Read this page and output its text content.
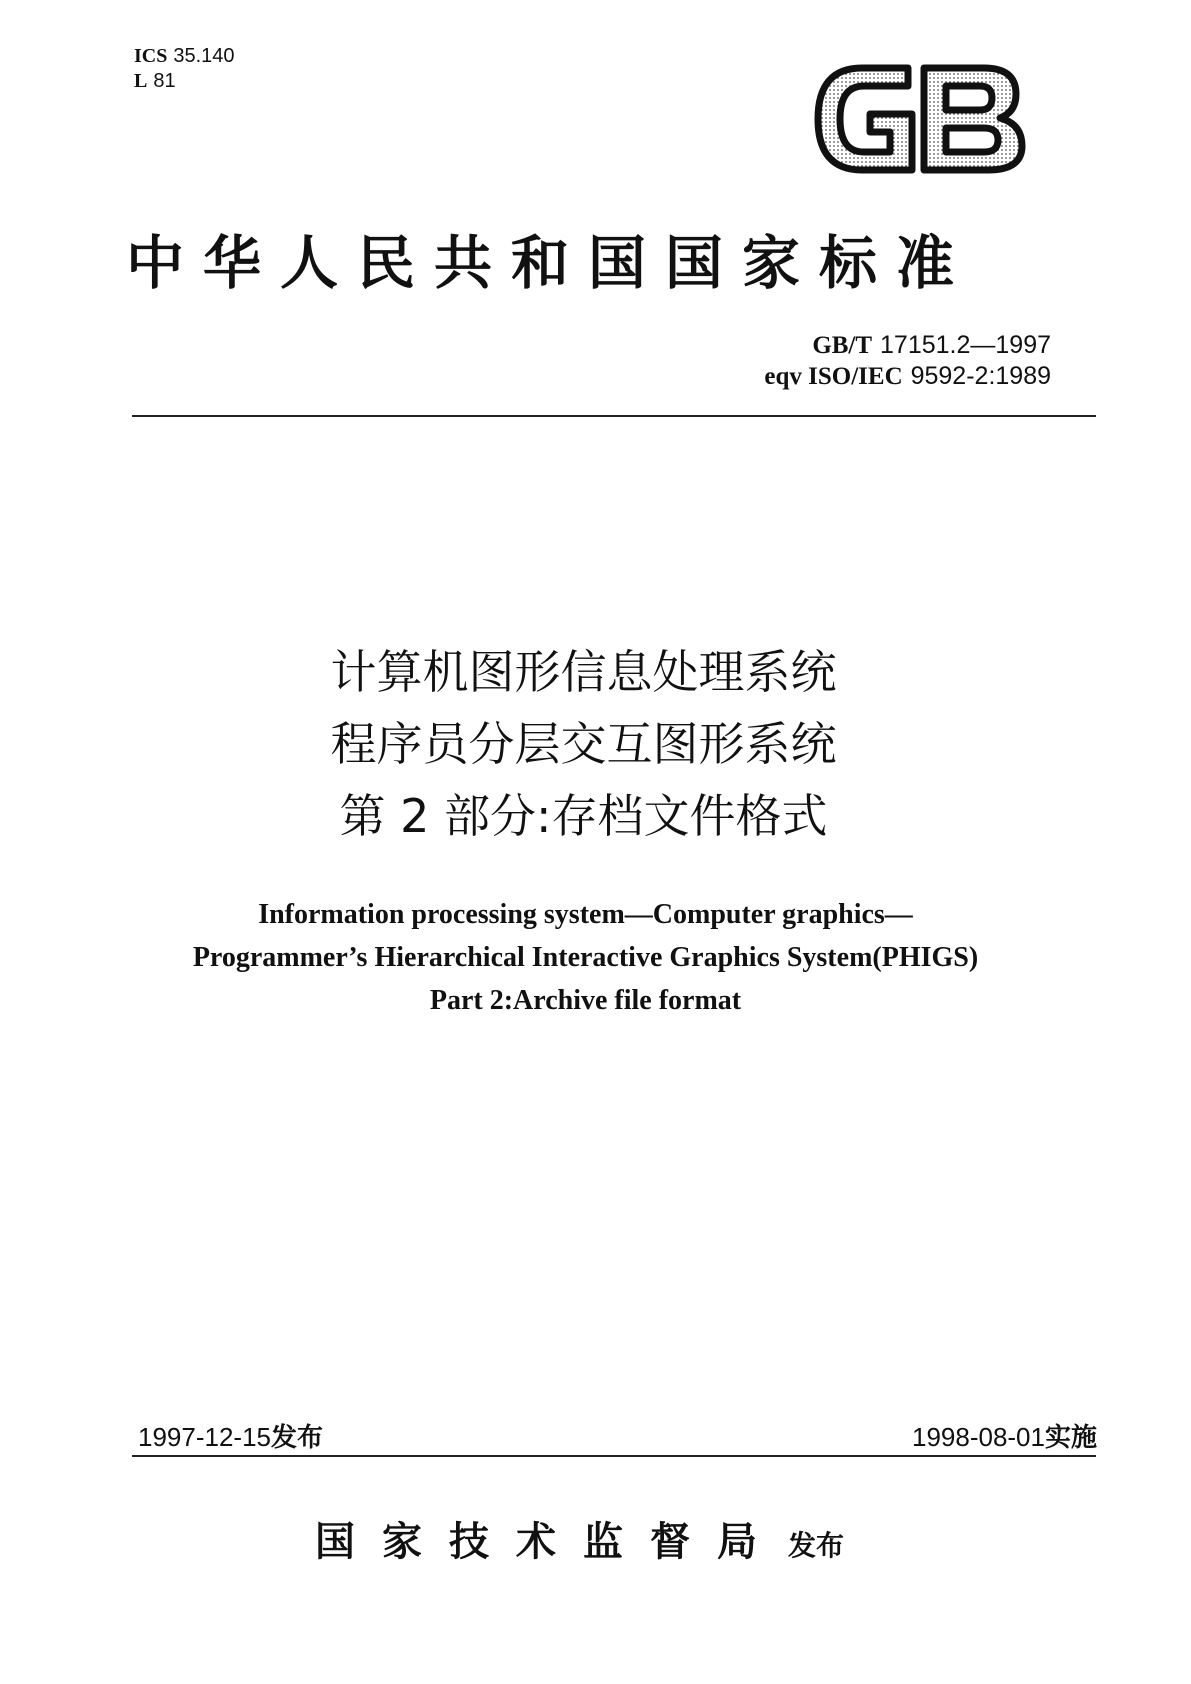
ICS 35.140
L 81
中华人民共和国国家标准
GB/T 17151.2—1997
eqv ISO/IEC 9592-2:1989
计算机图形信息处理系统
程序员分层交互图形系统
第 2 部分:存档文件格式
Information processing system—Computer graphics—
Programmer’s Hierarchical Interactive Graphics System(PHIGS)
Part 2:Archive file format
1997-12-15发布	1998-08-01实施
国家技术监督局 发布
